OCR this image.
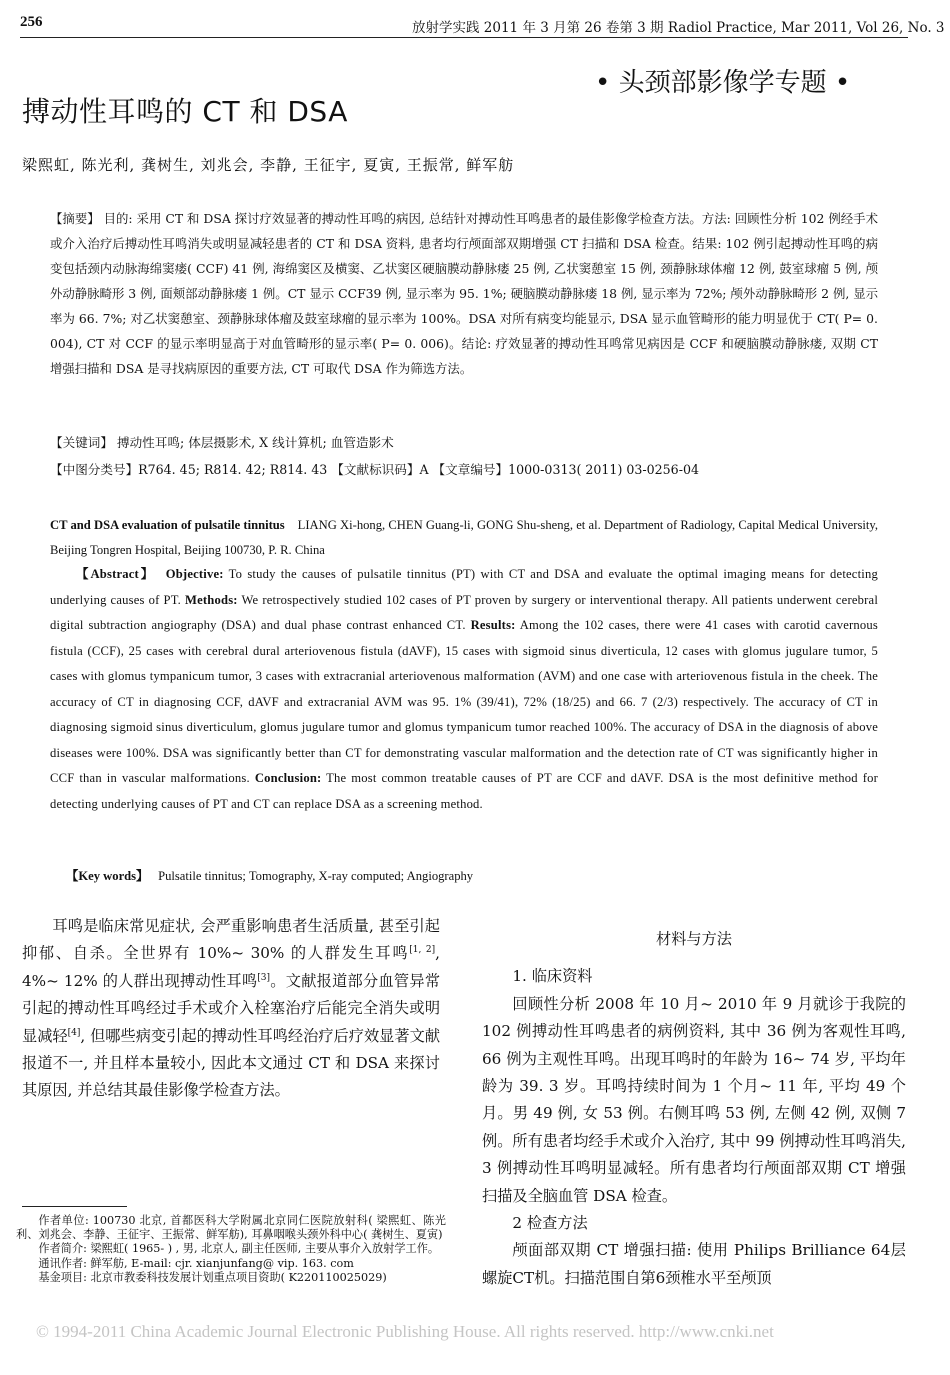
256	放射学实践 2011 年 3 月第 26 卷第 3 期 Radiol Practice, Mar 2011, Vol 26, No. 3
• 头颈部影像学专题 •
搏动性耳鸣的 CT 和 DSA
梁熙虹, 陈光利, 龚树生, 刘兆会, 李静, 王征宇, 夏寅, 王振常, 鲜军舫
【摘要】 目的: 采用 CT 和 DSA 探讨疗效显著的搏动性耳鸣的病因, 总结针对搏动性耳鸣患者的最佳影像学检查方法。方法: 回顾性分析 102 例经手术或介入治疗后搏动性耳鸣消失或明显减轻患者的 CT 和 DSA 资料, 患者均行颅面部双期增强 CT 扫描和 DSA 检查。结果: 102 例引起搏动性耳鸣的病变包括颈内动脉海绵窦瘘( CCF) 41 例, 海绵窦区及横窦、乙状窦区硬脑膜动静脉瘘 25 例, 乙状窦憩室 15 例, 颈静脉球体瘤 12 例, 鼓室球瘤 5 例, 颅外动静脉畸形 3 例, 面颊部动静脉瘘 1 例。CT 显示 CCF39 例, 显示率为 95. 1%; 硬脑膜动静脉瘘 18 例, 显示率为 72%; 颅外动静脉畸形 2 例, 显示率为 66. 7%; 对乙状窦憩室、颈静脉球体瘤及鼓室球瘤的显示率为 100%。DSA 对所有病变均能显示, DSA 显示血管畸形的能力明显优于 CT( P= 0. 004), CT 对 CCF 的显示率明显高于对血管畸形的显示率( P= 0. 006)。结论: 疗效显著的搏动性耳鸣常见病因是 CCF 和硬脑膜动静脉瘘, 双期 CT 增强扫描和 DSA 是寻找病原因的重要方法, CT 可取代 DSA 作为筛选方法。
【关键词】 搏动性耳鸣; 体层摄影术, X 线计算机; 血管造影术
【中图分类号】R764. 45; R814. 42; R814. 43 【文献标识码】A 【文章编号】1000-0313( 2011) 03-0256-04
CT and DSA evaluation of pulsatile tinnitus LIANG Xi-hong, CHEN Guang-li, GONG Shu-sheng, et al. Department of Radiology, Capital Medical University, Beijing Tongren Hospital, Beijing 100730, P. R. China
【Abstract】 Objective: To study the causes of pulsatile tinnitus (PT) with CT and DSA and evaluate the optimal imaging means for detecting underlying causes of PT. Methods: We retrospectively studied 102 cases of PT proven by surgery or interventional therapy. All patients underwent cerebral digital subtraction angiography (DSA) and dual phase contrast enhanced CT. Results: Among the 102 cases, there were 41 cases with carotid cavernous fistula (CCF), 25 cases with cerebral dural arteriovenous fistula (dAVF), 15 cases with sigmoid sinus diverticula, 12 cases with glomus jugulare tumor, 5 cases with glomus tympanicum tumor, 3 cases with extracranial arteriovenous malformation (AVM) and one case with arteriovenous fistula in the cheek. The accuracy of CT in diagnosing CCF, dAVF and extracranial AVM was 95. 1% (39/41), 72% (18/25) and 66. 7 (2/3) respectively. The accuracy of CT in diagnosing sigmoid sinus diverticulum, glomus jugulare tumor and glomus tympanicum tumor reached 100%. The accuracy of DSA in the diagnosis of above diseases were 100%. DSA was significantly better than CT for demonstrating vascular malformation and the detection rate of CT was significantly higher in CCF than in vascular malformations. Conclusion: The most common treatable causes of PT are CCF and dAVF. DSA is the most definitive method for detecting underlying causes of PT and CT can replace DSA as a screening method.
【Key words】 Pulsatile tinnitus; Tomography, X-ray computed; Angiography

耳鸣是临床常见症状, 会严重影响患者生活质量, 甚至引起抑郁、自杀。全世界有 10%~ 30% 的人群发生耳鸣[1, 2], 4%~ 12% 的人群出现搏动性耳鸣[3]。文献报道部分血管异常引起的搏动性耳鸣经过手术或介入栓塞治疗后能完全消失或明显减轻[4], 但哪些病变引起的搏动性耳鸣经治疗后疗效显著文献报道不一, 并且样本量较小, 因此本文通过 CT 和 DSA 来探讨其原因, 并总结其最佳影像学检查方法。

材料与方法
1. 临床资料

回顾性分析 2008 年 10 月~ 2010 年 9 月就诊于我院的 102 例搏动性耳鸣患者的病例资料, 其中 36 例为客观性耳鸣, 66 例为主观性耳鸣。出现耳鸣时的年龄为 16~ 74 岁, 平均年龄为 39. 3 岁。耳鸣持续时间为 1 个月~ 11 年, 平均 49 个月。男 49 例, 女 53 例。右侧耳鸣 53 例, 左侧 42 例, 双侧 7 例。所有患者均经手术或介入治疗, 其中 99 例搏动性耳鸣消失, 3 例搏动性耳鸣明显减轻。所有患者均行颅面部双期 CT 增强扫描及全脑血管 DSA 检查。

2 检查方法

颅面部双期 CT 增强扫描: 使用 Philips Brilliance 64层螺旋CT机。扫描范围自第6颈椎水平至颅顶

作者单位: 100730 北京, 首都医科大学附属北京同仁医院放射科( 梁熙虹、陈光利、刘兆会、李静、王征宇、王振常、鲜军舫), 耳鼻咽喉头颈外科中心( 龚树生、夏寅)

作者简介: 梁熙虹( 1965- ) , 男, 北京人, 副主任医师, 主要从事介入放射学工作。

通讯作者: 鲜军舫, E-mail: cjr. xianjunfang@ vip. 163. com

基金项目: 北京市教委科技发展计划重点项目资助( K220110025029)

© 1994-2011 China Academic Journal Electronic Publishing House. All rights reserved. http://www.cnki.net
